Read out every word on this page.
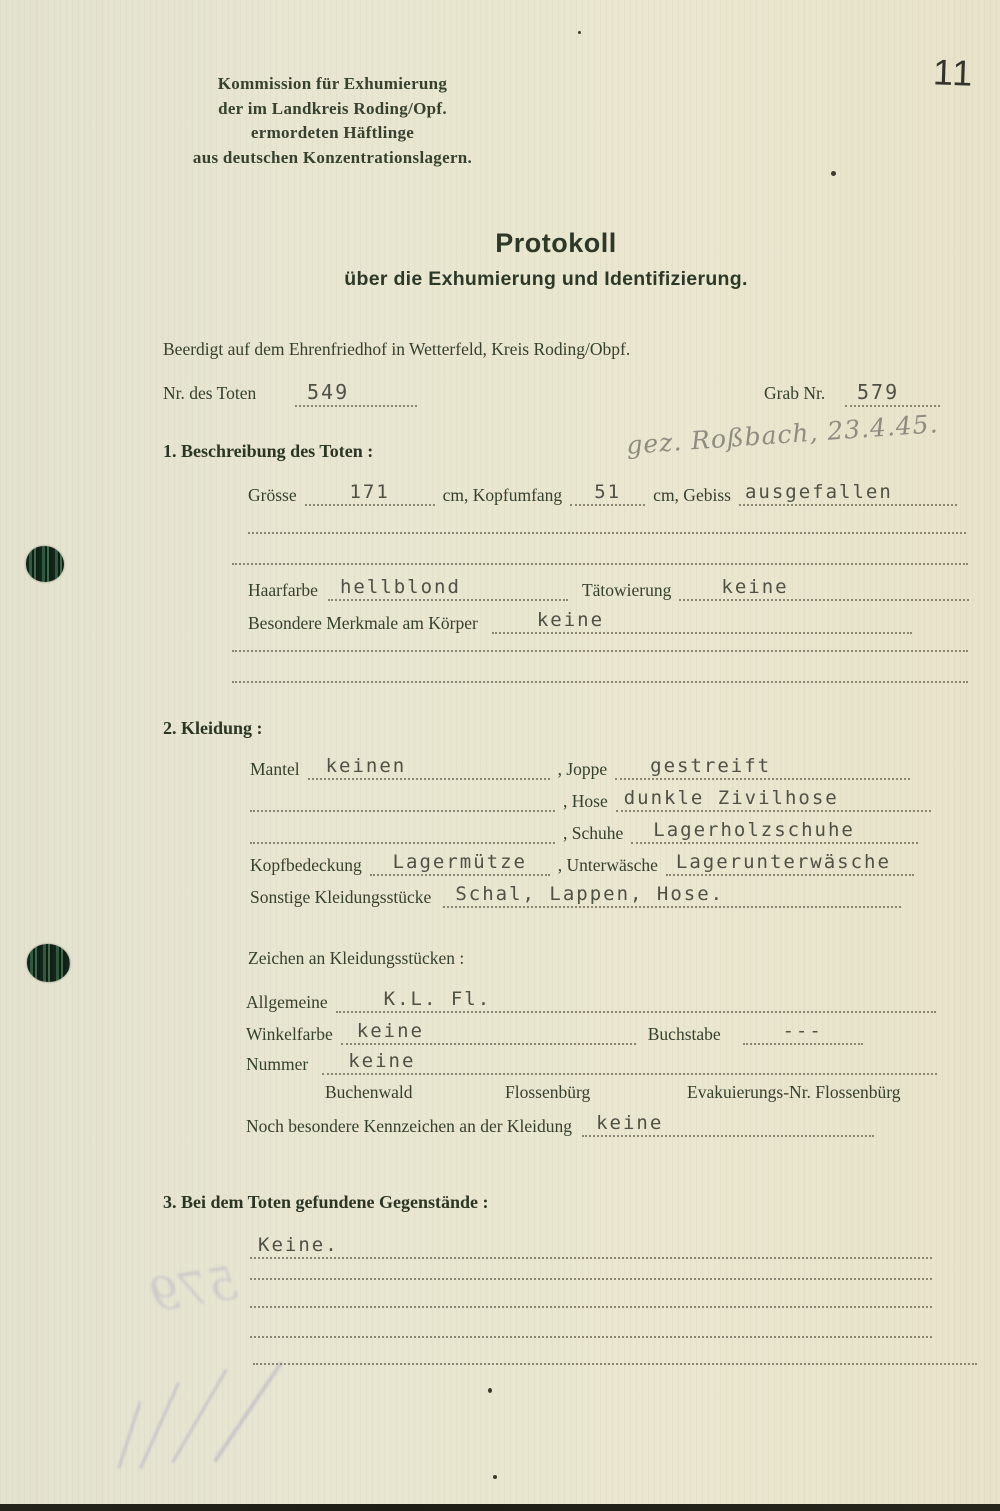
11
Kommission für Exhumierung
der im Landkreis Roding/Opf.
ermordeten Häftlinge
aus deutschen Konzentrationslagern.
Protokoll
über die Exhumierung und Identifizierung.
Beerdigt auf dem Ehrenfriedhof in Wetterfeld, Kreis Roding/Obpf.
Nr. des Toten	549	Grab Nr.	579
1. Beschreibung des Toten :	gez. Roßbach, 23.4.45.
Grösse	171	cm, Kopfumfang	51	cm, Gebiss ausgefallen
Haarfarbe	hellblond	Tätowierung	keine
Besondere Merkmale am Körper	keine
2. Kleidung :
Mantel	keinen	, Joppe	gestreift
, Hose dunkle Zivilhose
, Schuhe	Lagerholzschuhe
Kopfbedeckung	Lagermütze	, Unterwäsche Lagerunterwäsche
Sonstige Kleidungsstücke	Schal, Lappen, Hose.
Zeichen an Kleidungsstücken :
Allgemeine	K.L. Fl.
Winkelfarbe	keine	Buchstabe	---
Nummer	keine
Buchenwald	Flossenbürg	Evakuierungs-Nr. Flossenbürg
Noch besondere Kennzeichen an der Kleidung	keine
3. Bei dem Toten gefundene Gegenstände :
Keine.
579
